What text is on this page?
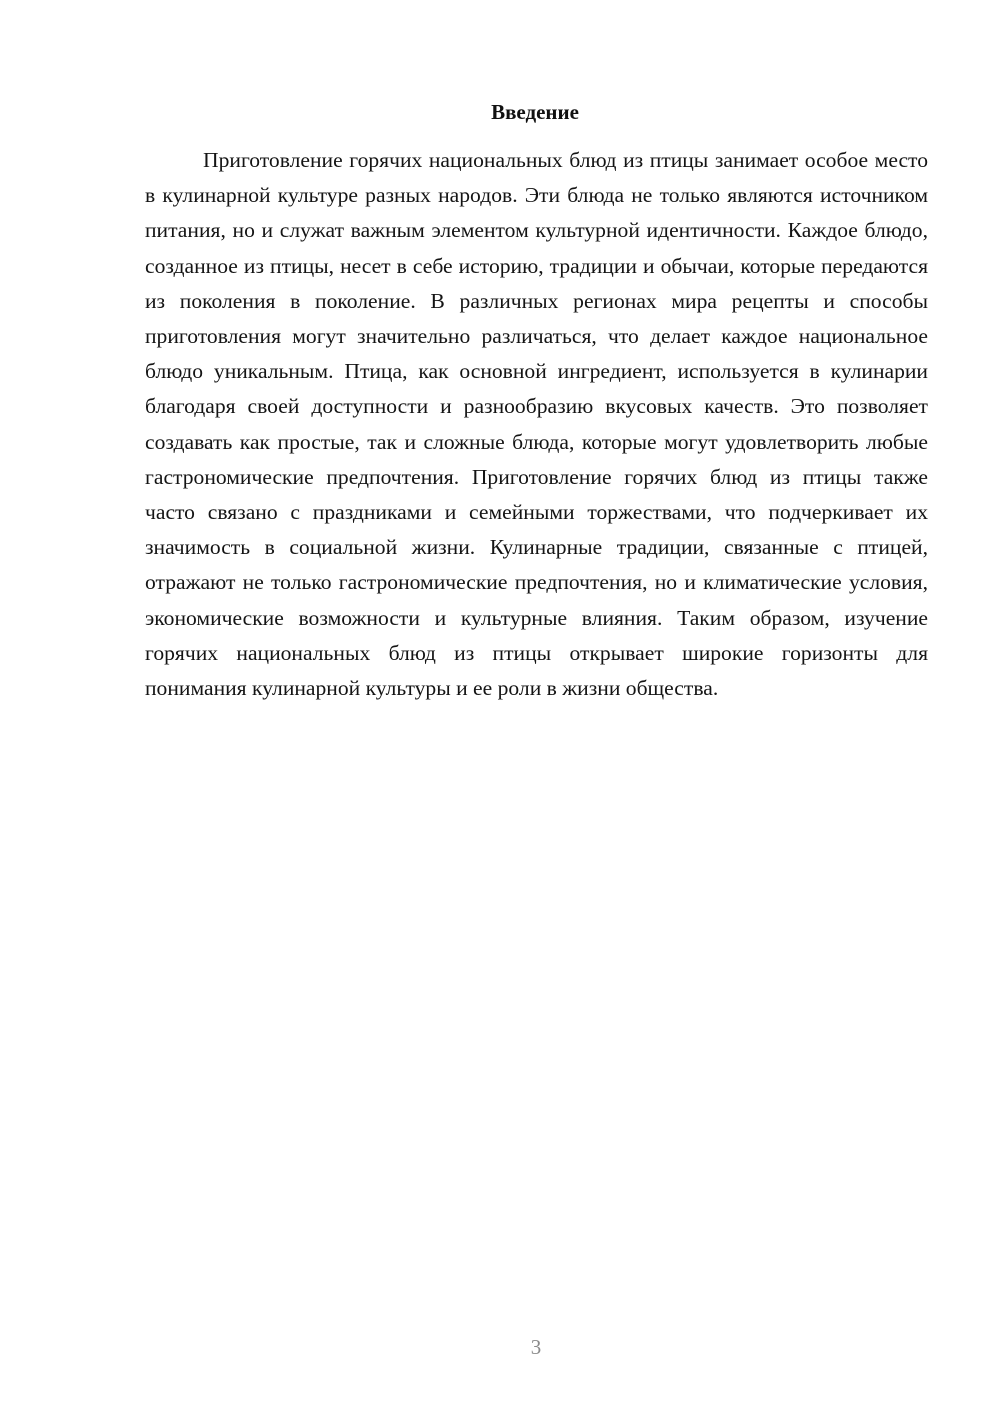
Введение

Приготовление горячих национальных блюд из птицы занимает особое место в кулинарной культуре разных народов. Эти блюда не только являются источником питания, но и служат важным элементом культурной идентичности. Каждое блюдо, созданное из птицы, несет в себе историю, традиции и обычаи, которые передаются из поколения в поколение. В различных регионах мира рецепты и способы приготовления могут значительно различаться, что делает каждое национальное блюдо уникальным. Птица, как основной ингредиент, используется в кулинарии благодаря своей доступности и разнообразию вкусовых качеств. Это позволяет создавать как простые, так и сложные блюда, которые могут удовлетворить любые гастрономические предпочтения. Приготовление горячих блюд из птицы также часто связано с праздниками и семейными торжествами, что подчеркивает их значимость в социальной жизни. Кулинарные традиции, связанные с птицей, отражают не только гастрономические предпочтения, но и климатические условия, экономические возможности и культурные влияния. Таким образом, изучение горячих национальных блюд из птицы открывает широкие горизонты для понимания кулинарной культуры и ее роли в жизни общества.

3
